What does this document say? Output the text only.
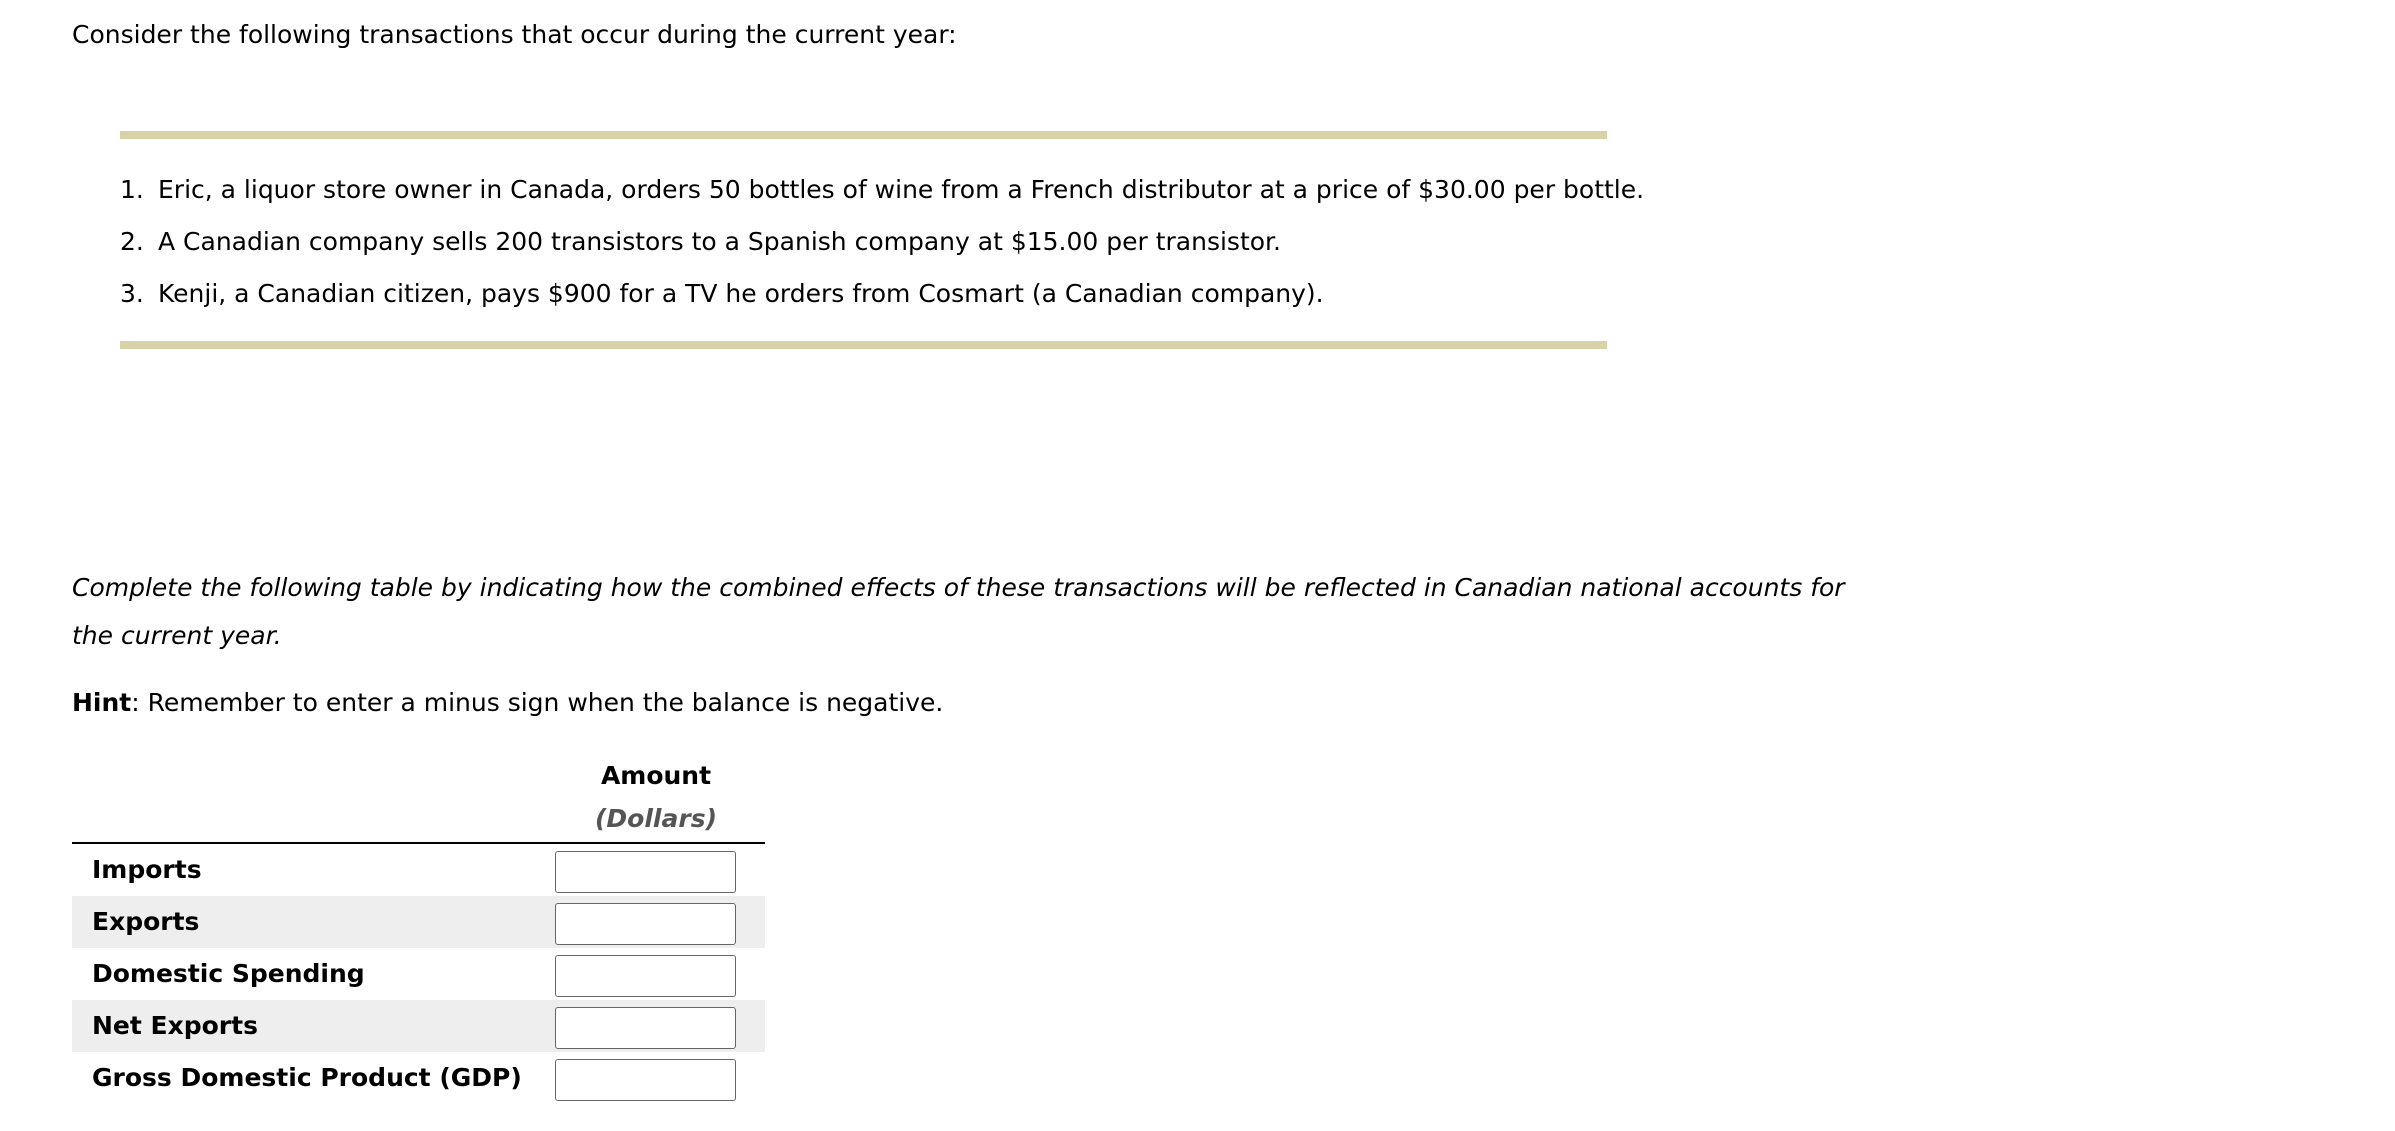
Consider the following transactions that occur during the current year:

1. Eric, a liquor store owner in Canada, orders 50 bottles of wine from a French distributor at a price of $30.00 per bottle.
2. A Canadian company sells 200 transistors to a Spanish company at $15.00 per transistor.
3. Kenji, a Canadian citizen, pays $900 for a TV he orders from Cosmart (a Canadian company).

Complete the following table by indicating how the combined effects of these transactions will be reflected in Canadian national accounts for the current year.

Hint: Remember to enter a minus sign when the balance is negative.

Amount
(Dollars)
Imports
Exports
Domestic Spending
Net Exports
Gross Domestic Product (GDP)
